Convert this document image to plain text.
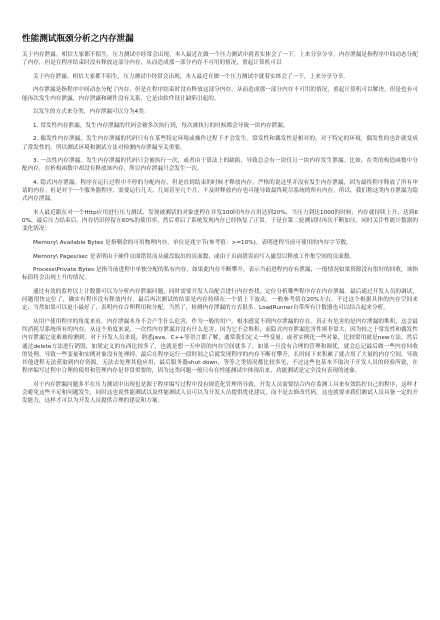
性能测试瓶颈分析之内存泄漏

关于内存泄露，相信大家都不陌生，压力测试中经常会出现，本人最近在做一个压力测试中就着实体会了一下，上来分享分享。内存泄漏是指程序中间动态分配了内存，但是在程序结束时没有释放这部分内存，从而造成那一部分内存不可用的情况，重起计算机可以

关于内存泄露，相信大家都不陌生，压力测试中经常会出现，本人最近在做一个压力测试中就着实体会了一下，上来分享分享。

内存泄漏是指程序中间动态分配了内存，但是在程序结束时没有释放这部分内存，从而造成那一部分内存不可用的情况，重起计算机可以解决，但是也有可能再次发生内存泄露，内存泄露和硬件没有关系，它是由软件设计缺陷引起的。

以发生的方式来分类，内存泄漏可以分为4类：

1. 常发性内存泄漏。发生内存泄漏的代码会被多次执行到，每次被执行的时候都会导致一块内存泄漏。

2. 偶发性内存泄漏。发生内存泄漏的代码只有在某些特定环境或操作过程下才会发生。常发性和偶发性是相对的。对于特定的环境，偶发性的也许就变成了常发性的。所以测试环境和测试方法对检测内存泄漏至关重要。

3. 一次性内存泄漏。发生内存泄漏的代码只会被执行一次，或者由于算法上的缺陷，导致总会有一块仅且一块内存发生泄漏。比如，在类的构造函数中分配内存，在析构函数中却没有释放该内存，所以内存泄漏只会发生一次。

4. 隐式内存泄漏。程序在运行过程中不停的分配内存，但是直到结束的时候才释放内存。严格的说这里并没有发生内存泄漏，因为最终程序释放了所有申请的内存。但是对于一个服务器程序，需要运行几天，几周甚至几个月，不及时释放内存也可能导致最终耗尽系统的所有内存。所以，我们称这类内存泄漏为隐式内存泄漏。

本人最近跟在对一个Http应用进行压力测试，发现被测试的对象进程在并发100时内存占用达到20%，当压力到达1000的时候，内存就持续上升，达到60%，最后压力结束后，内存仍旧停留在60%的使用率，然后重启了系统发现内存已经恢复了正常，于是在第二轮测试时再次不断加压，同时关注性能计数器的变化情况：

Memory\ Available Bytes 是指剩余的可用物理内存，单位是兆字节(参考值：>=10%)。表明进程当前可使用的内存字节数。

Memory\ Pages/sec 是表明由于硬件页面错误而从磁盘取出的页面数，或由于页面错误而写入磁盘以释放工作集空间的页面数。

Process\Private Bytes 是指当前进程中单独分配的私有内存，如果此内存不断攀升，表示当前进程内存有泄漏，一般情况如果资源没有很好的回收，该指标值将会出现上升的情况。

通过有效的监控以上计数器可以为分析内存泄漏问题，同时需要开发人员配合进行内存查找，定位分析哪些程序存在内存泄漏。最后通过开发人员的调试，问题很快定位了，确实有程序没有释放内存。最后再次测试的结果是内存持续在一个值上下波动，一般参考值在20%左右，不过这个根据具体的内存空间来定，当然如果可以更小最好了，表明内存合理利用和分配。当然了，检测内存泄漏的方式很多，LoadRunner自带所有计数器也可以结合起来分析。

从用户使用程序的角度来看，内存泄漏本身不会产生什么危害，作为一般的用户，根本感觉不到内存泄漏的存在。真正有危害的是内存泄漏的堆积，这会最终消耗尽系统所有的内存。从这个角度来说，一次性内存泄漏并没有什么危害，因为它不会堆积，而隐式内存泄漏危害性则非常大，因为较之于常发性和偶发性内存泄漏它更难被检测到。对于开发人员来说，熟悉java、C++等语言都了解，通常我们定义一些变量、或者实例化一些对象，比较常用就是new方法，然后通过delete方法进行销毁，如果定义的东西比较多了，也就是想一天申请的内存空间就多了，如果一旦没有合理的管理和调优，就会忘记最后做一些内存回收的处理，导致一些变量和实例对象没有处理掉，最后在程序运行一段时间之后就发现程序的内存不断在攀升，长时间下来积累了就占用了大量的内存空间，导致其他进程无法获取到内存资源，无法去处理其他应用，最后服务器shut down，等等之类情况都比较多见，不过这些也基本不取决于开发人员的经验所致，在程序编写过程中合理的使用和管理内存是非常重要的，因为这类问题一般只有在性能测试中体现出来，功能测试是完全没有表现的迹象。

对于内存泄漏问题多半在压力测试中出现也是源于程序编写过程中没有规范化管理所导致，开发人员需要结合内存监测工具来有效监控自己的程序，这样才会避免这些不足和问题发生，同时这也说性能测试以及性能测试人员可以为开发人员提供优化建议，而不是去修改代码，这也就要求我们测试人员具备一定的开发能力，这样才可以为开发人员提供合理的建议和方案。
